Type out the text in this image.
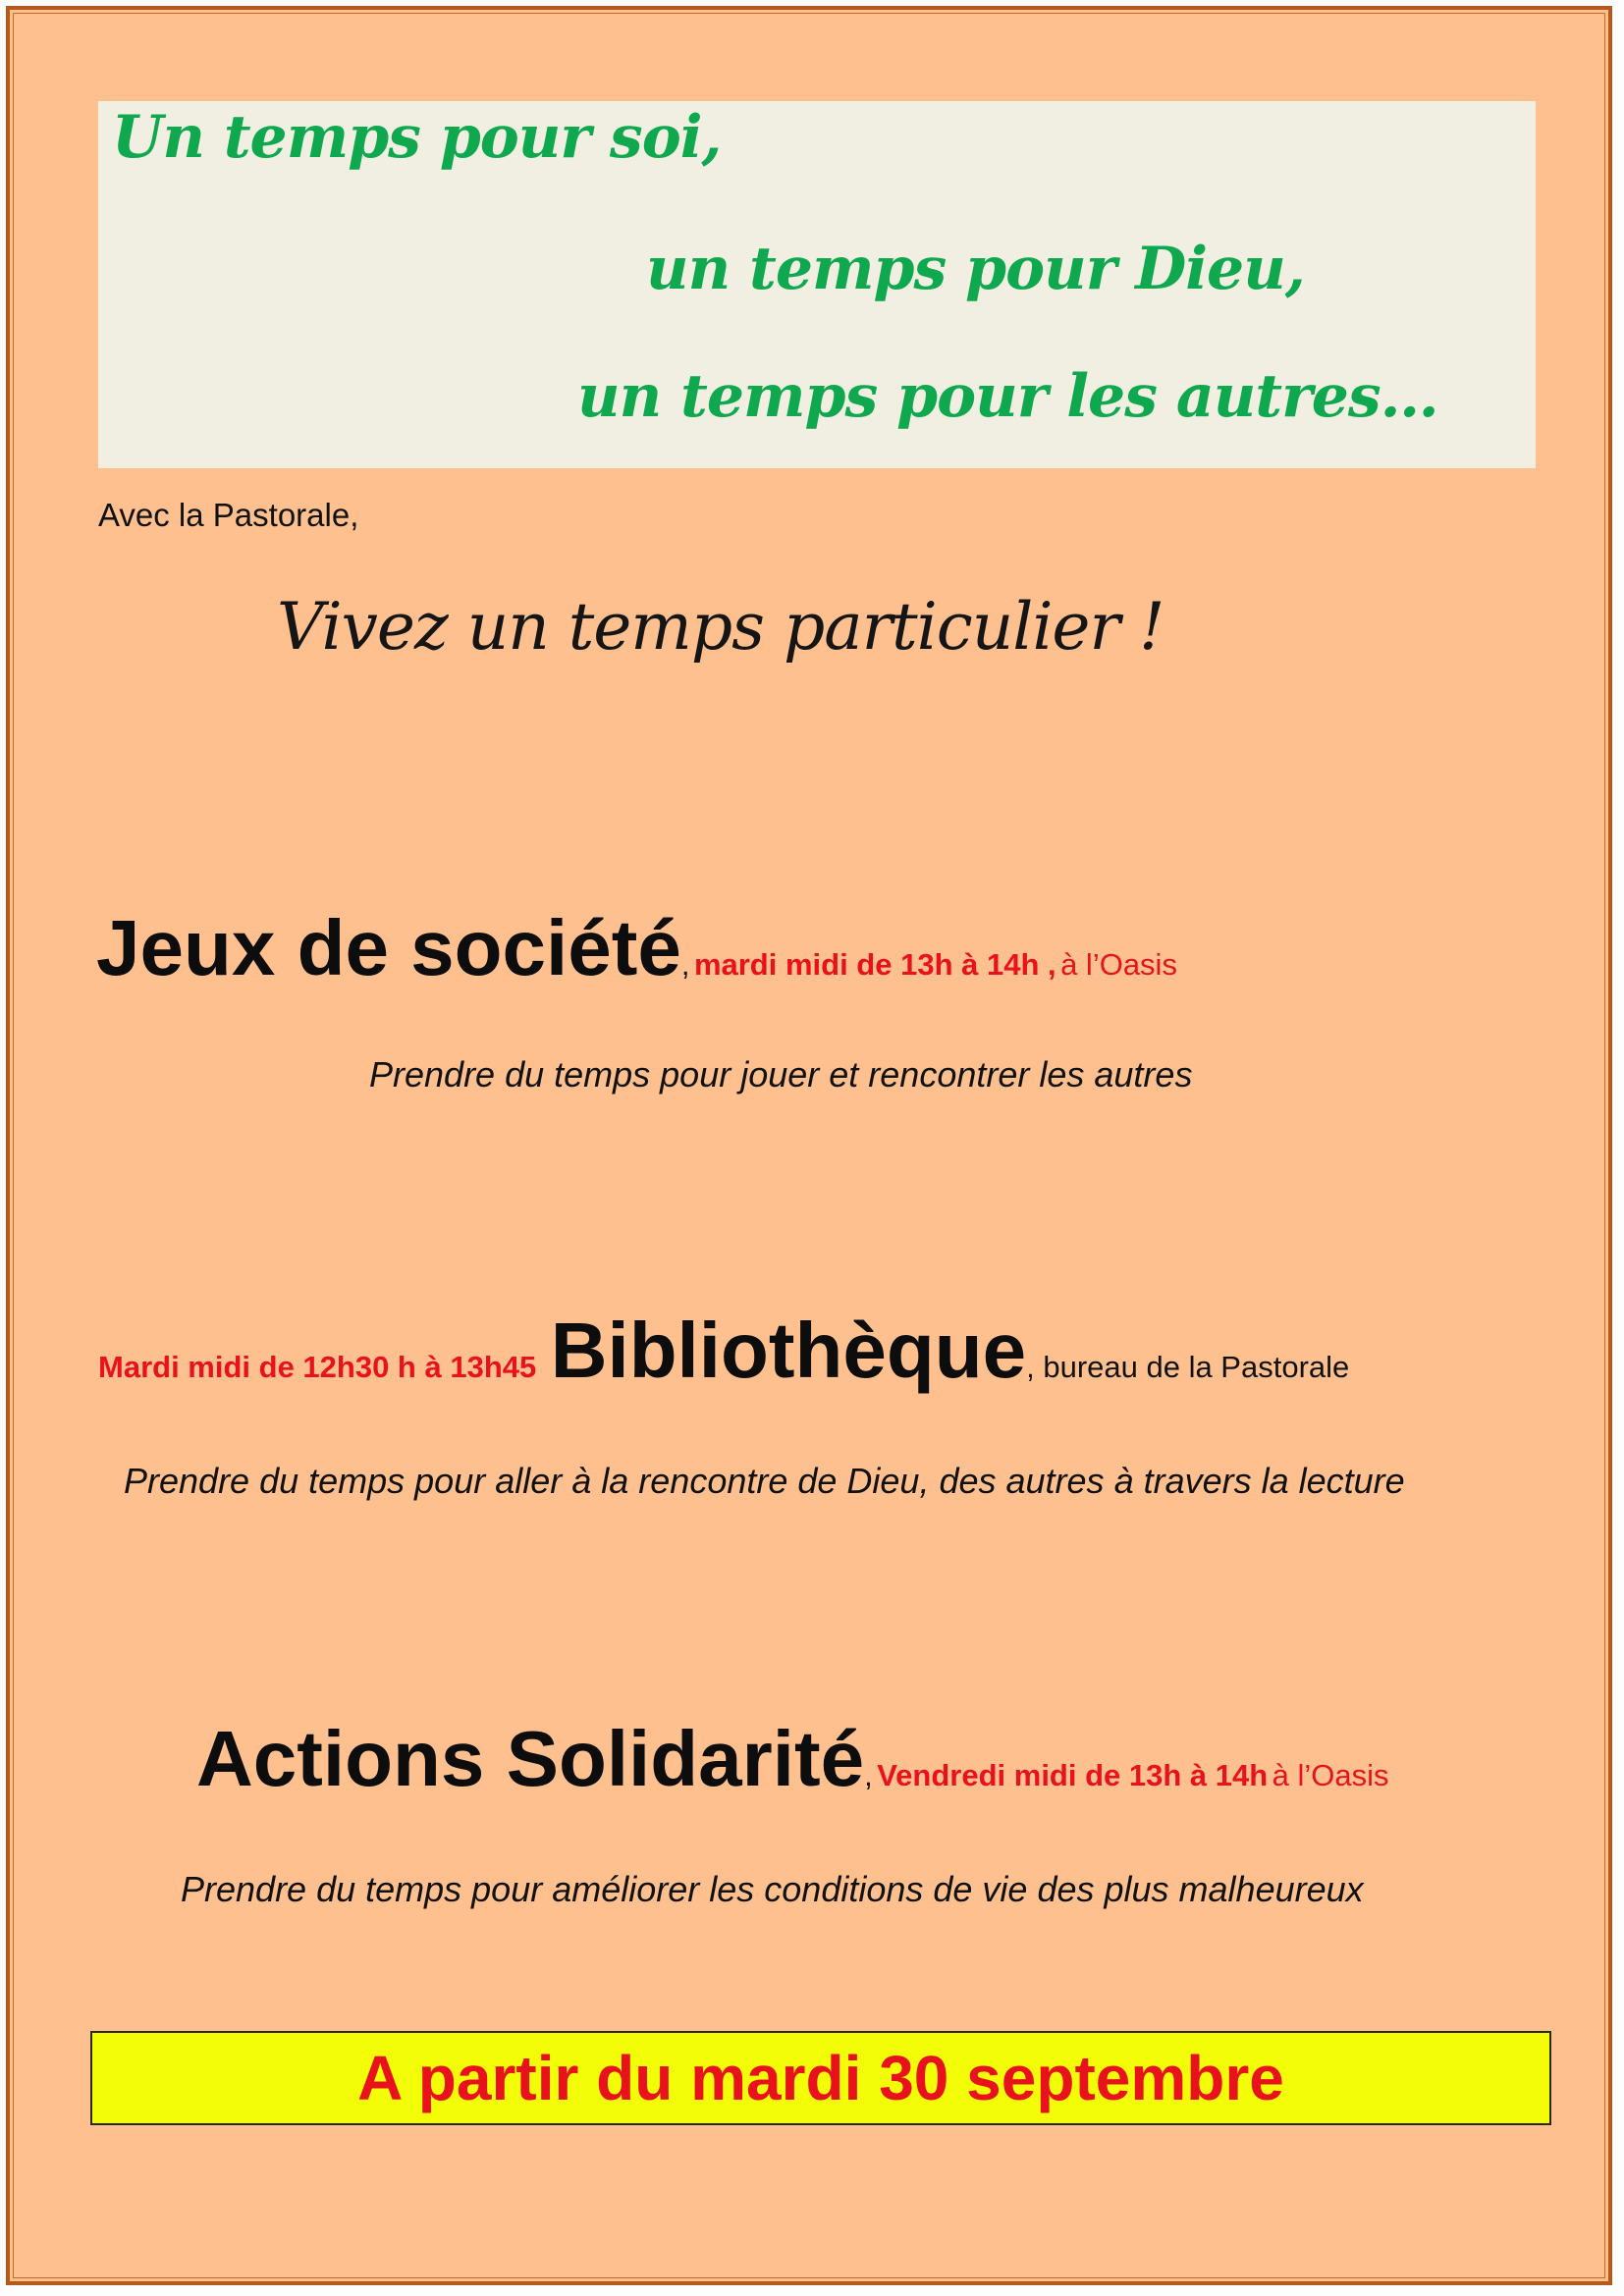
Un temps pour soi,
un temps pour Dieu,
un temps pour les autres…
Avec la Pastorale,
Vivez un temps particulier !
Jeux de société, mardi midi de 13h à 14h , à l’Oasis
Prendre du temps pour jouer et rencontrer les autres
Mardi midi de 12h30 h à 13h45 Bibliothèque, bureau de la Pastorale
Prendre du temps pour aller à la rencontre de Dieu, des autres à travers la lecture
Actions Solidarité, Vendredi midi de 13h à 14h à l’Oasis
Prendre du temps pour améliorer les conditions de vie des plus malheureux
A partir du mardi 30 septembre
